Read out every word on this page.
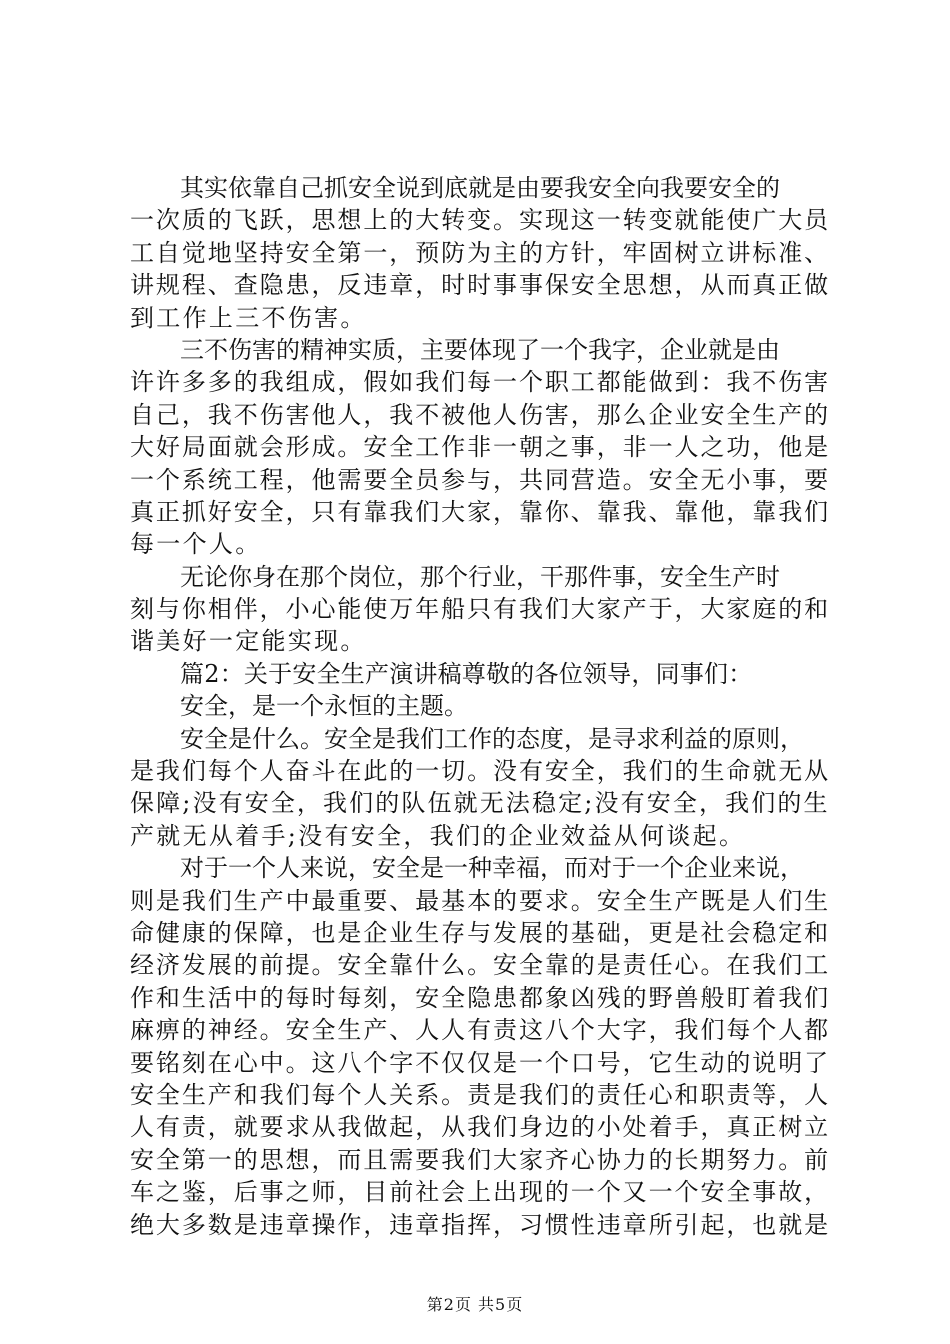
其实依靠自己抓安全说到底就是由要我安全向我要安全的
一次质的飞跃，思想上的大转变。实现这一转变就能使广大员
工自觉地坚持安全第一，预防为主的方针，牢固树立讲标准、
讲规程、查隐患，反违章，时时事事保安全思想，从而真正做
到工作上三不伤害。
三不伤害的精神实质，主要体现了一个我字，企业就是由
许许多多的我组成，假如我们每一个职工都能做到：我不伤害
自己，我不伤害他人，我不被他人伤害，那么企业安全生产的
大好局面就会形成。安全工作非一朝之事，非一人之功，他是
一个系统工程，他需要全员参与，共同营造。安全无小事，要
真正抓好安全，只有靠我们大家，靠你、靠我、靠他，靠我们
每一个人。
无论你身在那个岗位，那个行业，干那件事，安全生产时
刻与你相伴，小心能使万年船只有我们大家产于，大家庭的和
谐美好一定能实现。
篇2：关于安全生产演讲稿尊敬的各位领导，同事们：
安全，是一个永恒的主题。
安全是什么。安全是我们工作的态度，是寻求利益的原则，
是我们每个人奋斗在此的一切。没有安全，我们的生命就无从
保障;没有安全，我们的队伍就无法稳定;没有安全，我们的生
产就无从着手;没有安全，我们的企业效益从何谈起。
对于一个人来说，安全是一种幸福，而对于一个企业来说，
则是我们生产中最重要、最基本的要求。安全生产既是人们生
命健康的保障，也是企业生存与发展的基础，更是社会稳定和
经济发展的前提。安全靠什么。安全靠的是责任心。在我们工
作和生活中的每时每刻，安全隐患都象凶残的野兽般盯着我们
麻痹的神经。安全生产、人人有责这八个大字，我们每个人都
要铭刻在心中。这八个字不仅仅是一个口号，它生动的说明了
安全生产和我们每个人关系。责是我们的责任心和职责等，人
人有责，就要求从我做起，从我们身边的小处着手，真正树立
安全第一的思想，而且需要我们大家齐心协力的长期努力。前
车之鉴，后事之师，目前社会上出现的一个又一个安全事故，
绝大多数是违章操作，违章指挥，习惯性违章所引起，也就是
第2页 共5页
